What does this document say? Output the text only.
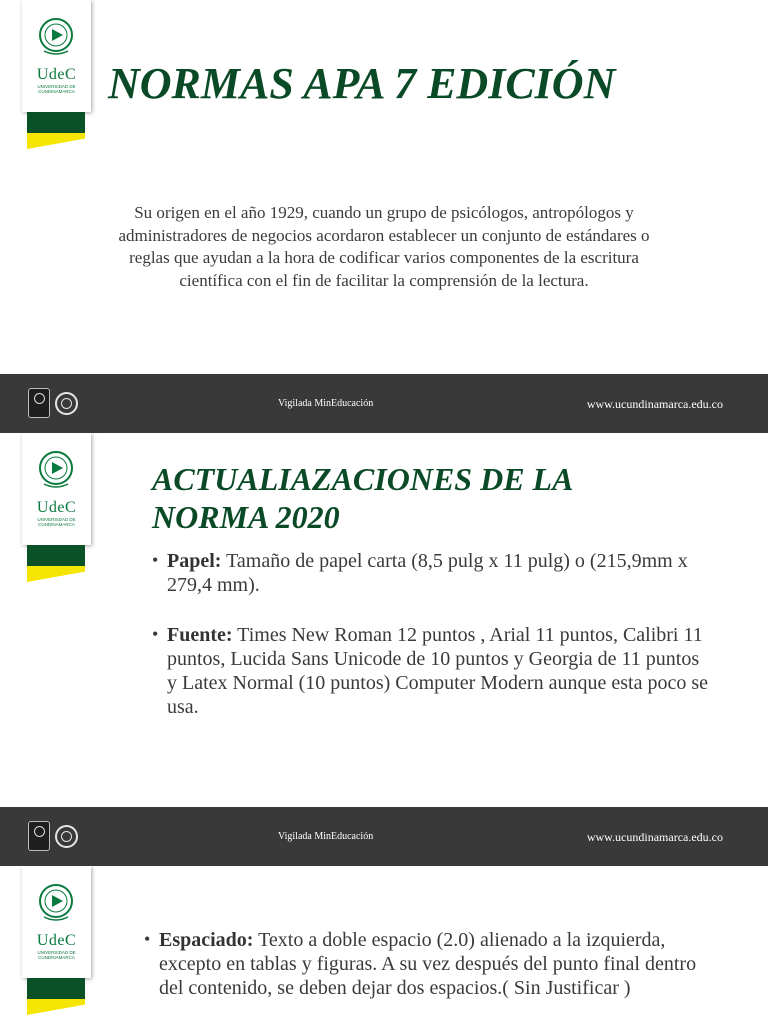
UdeC
UNIVERSIDAD DE
CUNDINAMARCA NORMAS APA 7 EDICIÓN
Su origen en el año 1929, cuando un grupo de psicólogos, antropólogos y administradores de negocios acordaron establecer un conjunto de estándares o reglas que ayudan a la hora de codificar varios componentes de la escritura científica con el fin de facilitar la comprensión de la lectura.
Vigilada MinEducación	www.ucundinamarca.edu.co
UdeC
UNIVERSIDAD DE
CUNDINAMARCA
ACTUALIAZACIONES DE LA
NORMA 2020
• Papel: Tamaño de papel carta (8,5 pulg x 11 pulg) o (215,9mm x 279,4 mm).
• Fuente: Times New Roman 12 puntos , Arial 11 puntos, Calibri 11 puntos, Lucida Sans Unicode de 10 puntos y Georgia de 11 puntos y Latex Normal (10 puntos) Computer Modern aunque esta poco se usa.
Vigilada MinEducación	www.ucundinamarca.edu.co
UdeC
UNIVERSIDAD DE
CUNDINAMARCA
• Espaciado: Texto a doble espacio (2.0) alienado a la izquierda, excepto en tablas y figuras. A su vez después del punto final dentro del contenido, se deben dejar dos espacios.( Sin Justificar )
